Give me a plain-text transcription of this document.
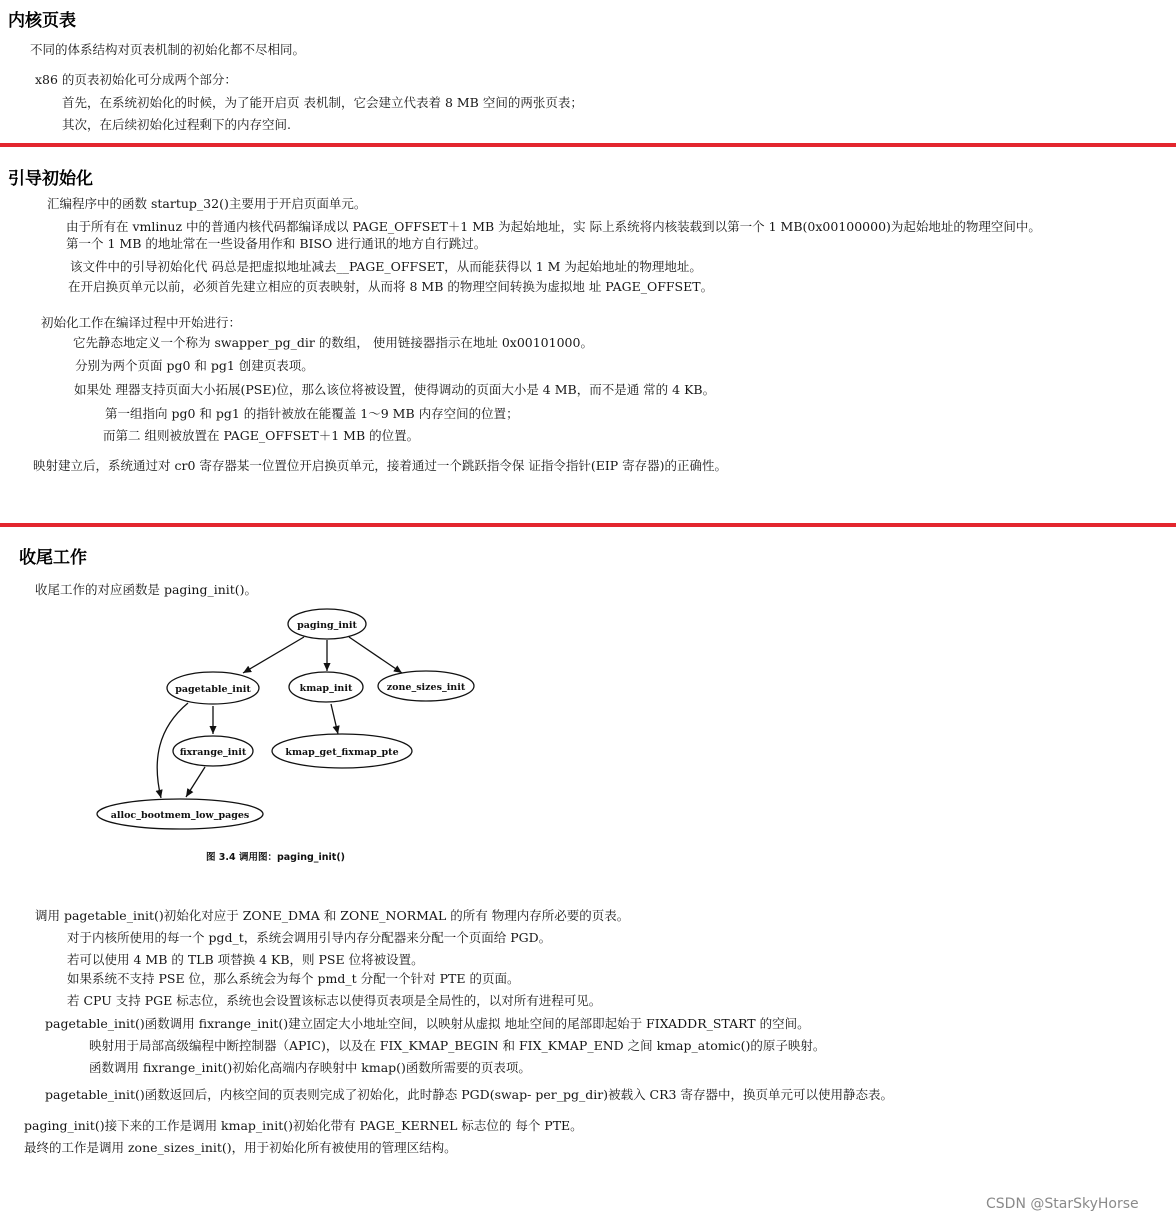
内核页表
不同的体系结构对页表机制的初始化都不尽相同。
x86 的页表初始化可分成两个部分：
首先，在系统初始化的时候，为了能开启页 表机制，它会建立代表着 8 MB 空间的两张页表；
其次，在后续初始化过程剩下的内存空间.
引导初始化
汇编程序中的函数 startup_32()主要用于开启页面单元。
由于所有在 vmlinuz 中的普通内核代码都编译成以 PAGE_OFFSET＋1 MB 为起始地址，实 际上系统将内核装载到以第一个 1 MB(0x00100000)为起始地址的物理空间中。
第一个 1 MB 的地址常在一些设备用作和 BISO 进行通讯的地方自行跳过。
该文件中的引导初始化代 码总是把虚拟地址减去__PAGE_OFFSET，从而能获得以 1 M 为起始地址的物理地址。
在开启换页单元以前，必须首先建立相应的页表映射，从而将 8 MB 的物理空间转换为虚拟地 址 PAGE_OFFSET。
初始化工作在编译过程中开始进行：
它先静态地定义一个称为 swapper_pg_dir 的数组， 使用链接器指示在地址 0x00101000。
分别为两个页面 pg0 和 pg1 创建页表项。
如果处 理器支持页面大小拓展(PSE)位，那么该位将被设置，使得调动的页面大小是 4 MB，而不是通 常的 4 KB。
第一组指向 pg0 和 pg1 的指针被放在能覆盖 1～9 MB 内存空间的位置；
而第二 组则被放置在 PAGE_OFFSET＋1 MB 的位置。
映射建立后，系统通过对 cr0 寄存器某一位置位开启换页单元，接着通过一个跳跃指令保 证指令指针(EIP 寄存器)的正确性。
收尾工作
收尾工作的对应函数是 paging_init()。
paging_init
pagetable_init	kmap_init	zone_sizes_init
fixrange_init	kmap_get_fixmap_pte
alloc_bootmem_low_pages
图 3.4 调用图：paging_init()
调用 pagetable_init()初始化对应于 ZONE_DMA 和 ZONE_NORMAL 的所有 物理内存所必要的页表。
对于内核所使用的每一个 pgd_t，系统会调用引导内存分配器来分配一个页面给 PGD。
若可以使用 4 MB 的 TLB 项替换 4 KB，则 PSE 位将被设置。
如果系统不支持 PSE 位，那么系统会为每个 pmd_t 分配一个针对 PTE 的页面。
若 CPU 支持 PGE 标志位，系统也会设置该标志以使得页表项是全局性的，以对所有进程可见。
pagetable_init()函数调用 fixrange_init()建立固定大小地址空间，以映射从虚拟 地址空间的尾部即起始于 FIXADDR_START 的空间。
映射用于局部高级编程中断控制器（APIC)，以及在 FIX_KMAP_BEGIN 和 FIX_KMAP_END 之间 kmap_atomic()的原子映射。
函数调用 fixrange_init()初始化高端内存映射中 kmap()函数所需要的页表项。
pagetable_init()函数返回后，内核空间的页表则完成了初始化，此时静态 PGD(swap- per_pg_dir)被载入 CR3 寄存器中，换页单元可以使用静态表。
paging_init()接下来的工作是调用 kmap_init()初始化带有 PAGE_KERNEL 标志位的 每个 PTE。
最终的工作是调用 zone_sizes_init()，用于初始化所有被使用的管理区结构。
CSDN @StarSkyHorse
